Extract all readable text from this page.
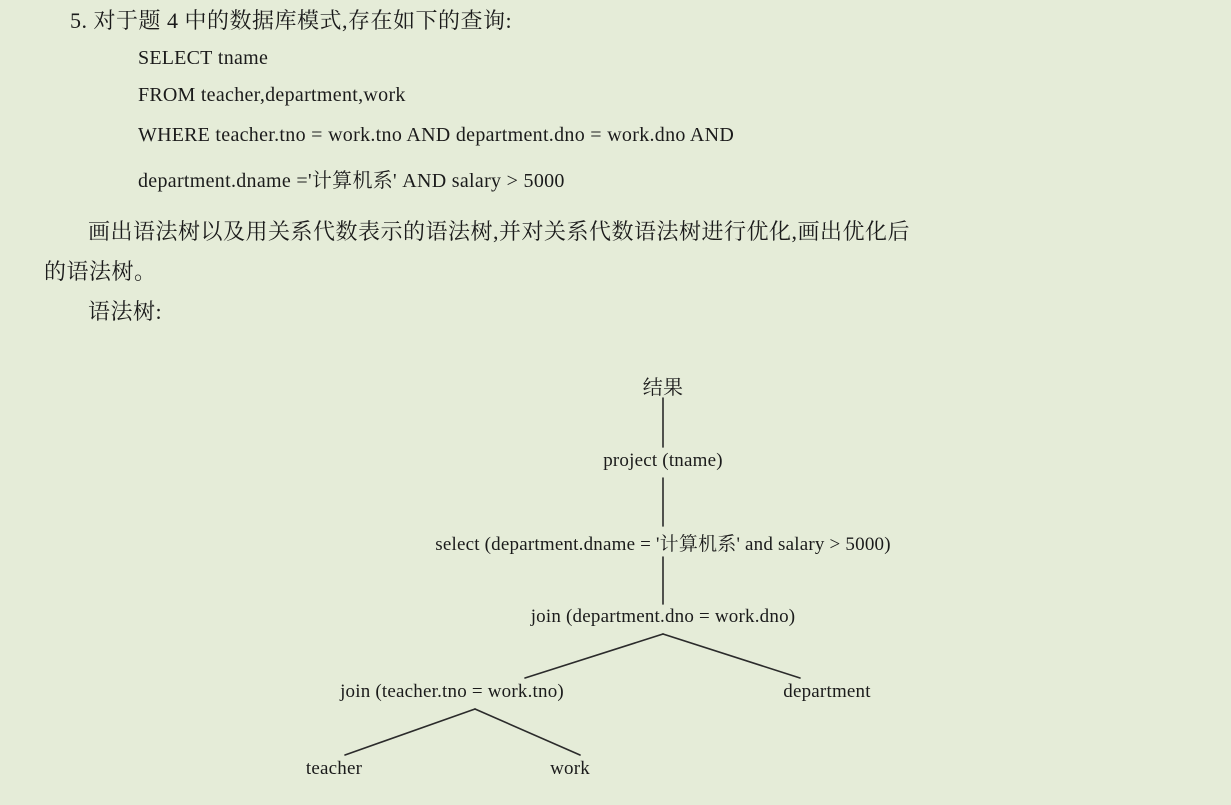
5. 对于题 4 中的数据库模式,存在如下的查询:
SELECT tname
FROM teacher,department,work
WHERE teacher.tno = work.tno AND department.dno = work.dno AND
department.dname ='计算机系' AND salary > 5000
画出语法树以及用关系代数表示的语法树,并对关系代数语法树进行优化,画出优化后
的语法树。
语法树:
结果
project (tname)
select (department.dname = '计算机系' and salary > 5000)
join (department.dno = work.dno)
join (teacher.tno = work.tno)	department
teacher	work
